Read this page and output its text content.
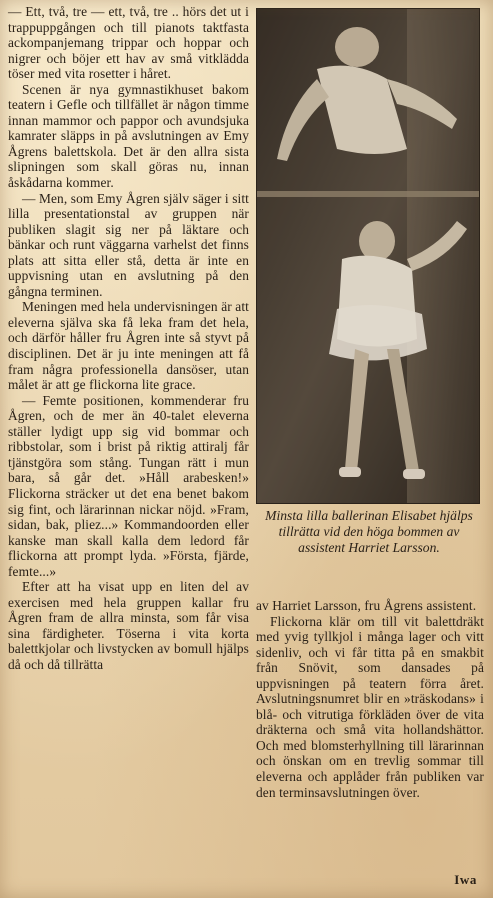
— Ett, två, tre — ett, två, tre .. hörs det ut i trappuppgången och till pianots taktfasta ackompanjemang trippar och hoppar och nigrer och böjer ett hav av små vitklädda töser med vita rosetter i håret.

Scenen är nya gymnastikhuset bakom teatern i Gefle och tillfället är någon timme innan mammor och pappor och avundsjuka kamrater släpps in på avslutningen av Emy Ågrens balettskola. Det är den allra sista slipningen som skall göras nu, innan åskådarna kommer.

— Men, som Emy Ågren själv säger i sitt lilla presentationstal av gruppen när publiken slagit sig ner på läktare och bänkar och runt väggarna varhelst det finns plats att sitta eller stå, detta är inte en uppvisning utan en avslutning på den gångna terminen.

Meningen med hela undervisningen är att eleverna själva ska få leka fram det hela, och därför håller fru Ågren inte så styvt på disciplinen. Det är ju inte meningen att få fram några professionella dansöser, utan målet är att ge flickorna lite grace.

— Femte positionen, kommenderar fru Ågren, och de mer än 40-talet eleverna ställer lydigt upp sig vid bommar och ribbstolar, som i brist på riktig attiralj får tjänstgöra som stång. Tungan rätt i mun bara, så går det. »Håll arabesken!» Flickorna sträcker ut det ena benet bakom sig fint, och lärarinnan nickar nöjd. »Fram, sidan, bak, pliez...» Kommandoorden eller kanske man skall kalla dem ledord får flickorna att prompt lyda. »Första, fjärde, femte...»

Efter att ha visat upp en liten del av exercisen med hela gruppen kallar fru Ågren fram de allra minsta, som får visa sina färdigheter. Töserna i vita korta balettkjolar och livstycken av bomull hjälps då och då tillrätta

Minsta lilla ballerinan Elisabet hjälps tillrätta vid den höga bommen av assistent Harriet Larsson.

av Harriet Larsson, fru Ågrens assistent.

Flickorna klär om till vit balettdräkt med yvig tyllkjol i många lager och vitt sidenliv, och vi får titta på en smakbit från Snövit, som dansades på uppvisningen på teatern förra året. Avslutningsnumret blir en »träskodans» i blå- och vitrutiga förkläden över de vita dräkterna och små vita hollandshättor. Och med blomsterhyllning till lärarinnan och önskan om en trevlig sommar till eleverna och applåder från publiken var den terminsavslutningen över.

Iwa
